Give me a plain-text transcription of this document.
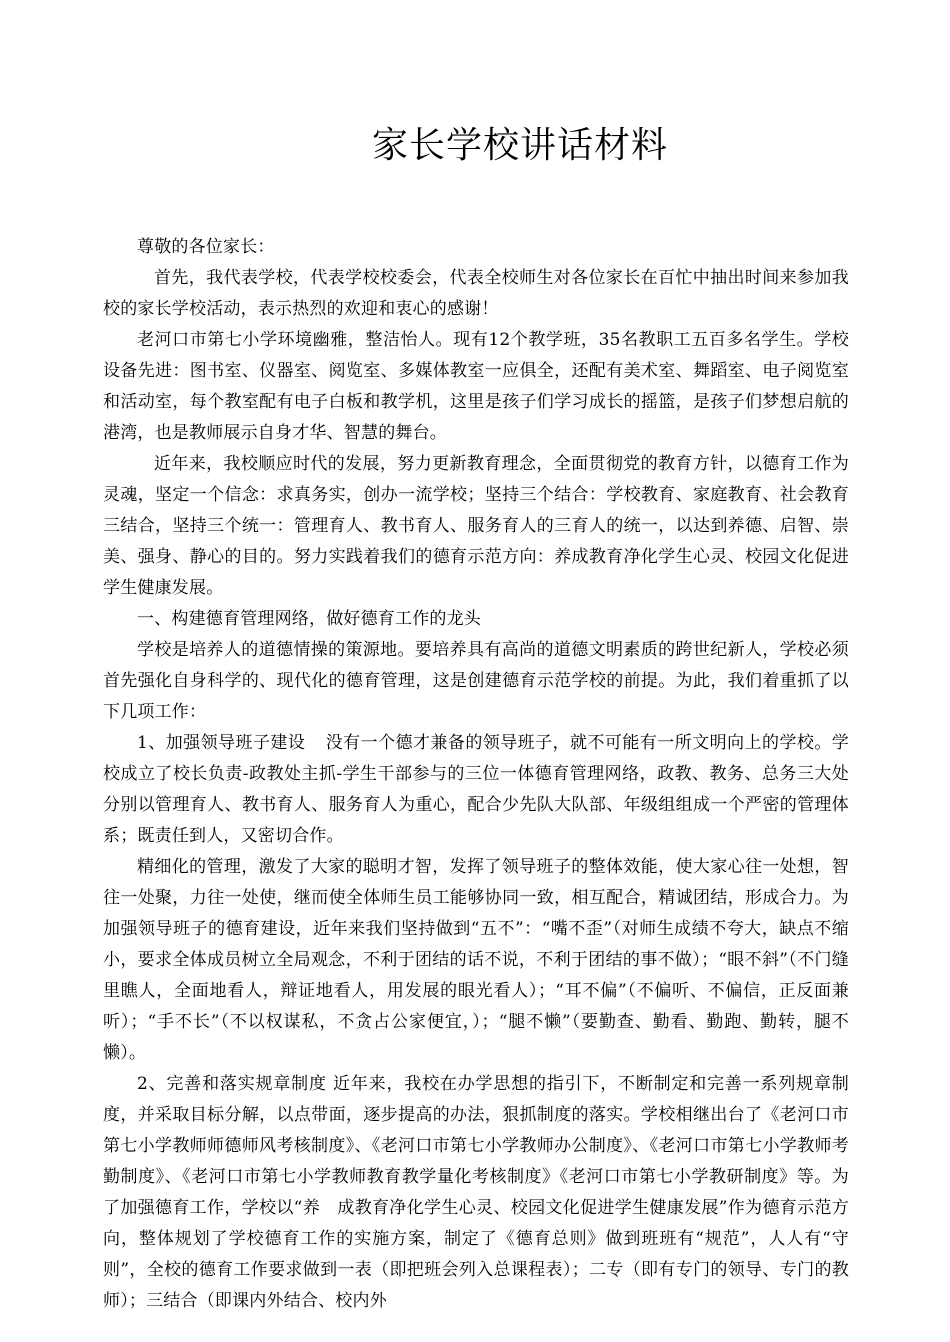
家长学校讲话材料

尊敬的各位家长：

首先，我代表学校，代表学校校委会，代表全校师生对各位家长在百忙中抽出时间来参加我校的家长学校活动，表示热烈的欢迎和衷心的感谢！

老河口市第七小学环境幽雅，整洁怡人。现有12个教学班，35名教职工五百多名学生。学校设备先进：图书室、仪器室、阅览室、多媒体教室一应俱全，还配有美术室、舞蹈室、电子阅览室和活动室，每个教室配有电子白板和教学机，这里是孩子们学习成长的摇篮，是孩子们梦想启航的港湾，也是教师展示自身才华、智慧的舞台。

近年来，我校顺应时代的发展，努力更新教育理念，全面贯彻党的教育方针，以德育工作为灵魂，坚定一个信念：求真务实，创办一流学校；坚持三个结合：学校教育、家庭教育、社会教育三结合，坚持三个统一：管理育人、教书育人、服务育人的三育人的统一，以达到养德、启智、崇美、强身、静心的目的。努力实践着我们的德育示范方向：养成教育净化学生心灵、校园文化促进学生健康发展。

一、构建德育管理网络，做好德育工作的龙头

学校是培养人的道德情操的策源地。要培养具有高尚的道德文明素质的跨世纪新人，学校必须首先强化自身科学的、现代化的德育管理，这是创建德育示范学校的前提。为此，我们着重抓了以下几项工作：

1、加强领导班子建设 没有一个德才兼备的领导班子，就不可能有一所文明向上的学校。学校成立了校长负责-政教处主抓-学生干部参与的三位一体德育管理网络，政教、教务、总务三大处分别以管理育人、教书育人、服务育人为重心，配合少先队大队部、年级组组成一个严密的管理体系；既责任到人，又密切合作。

精细化的管理，激发了大家的聪明才智，发挥了领导班子的整体效能，使大家心往一处想，智往一处聚，力往一处使，继而使全体师生员工能够协同一致，相互配合，精诚团结，形成合力。为加强领导班子的德育建设，近年来我们坚持做到“五不”：“嘴不歪”（对师生成绩不夸大，缺点不缩小，要求全体成员树立全局观念，不利于团结的话不说，不利于团结的事不做）；“眼不斜”（不门缝里瞧人，全面地看人，辩证地看人，用发展的眼光看人）；“耳不偏”（不偏听、不偏信，正反面兼听）；“手不长”（不以权谋私，不贪占公家便宜，）；“腿不懒”（要勤查、勤看、勤跑、勤转，腿不懒）。

2、完善和落实规章制度 近年来，我校在办学思想的指引下，不断制定和完善一系列规章制度，并采取目标分解，以点带面，逐步提高的办法，狠抓制度的落实。学校相继出台了《老河口市第七小学教师师德师风考核制度》、《老河口市第七小学教师办公制度》、《老河口市第七小学教师考勤制度》、《老河口市第七小学教师教育教学量化考核制度》《老河口市第七小学教研制度》等。为了加强德育工作，学校以“养　成教育净化学生心灵、校园文化促进学生健康发展”作为德育示范方向，整体规划了学校德育工作的实施方案，制定了《德育总则》做到班班有“规范”，人人有“守则”，全校的德育工作要求做到一表（即把班会列入总课程表）；二专（即有专门的领导、专门的教师）；三结合（即课内外结合、校内外
